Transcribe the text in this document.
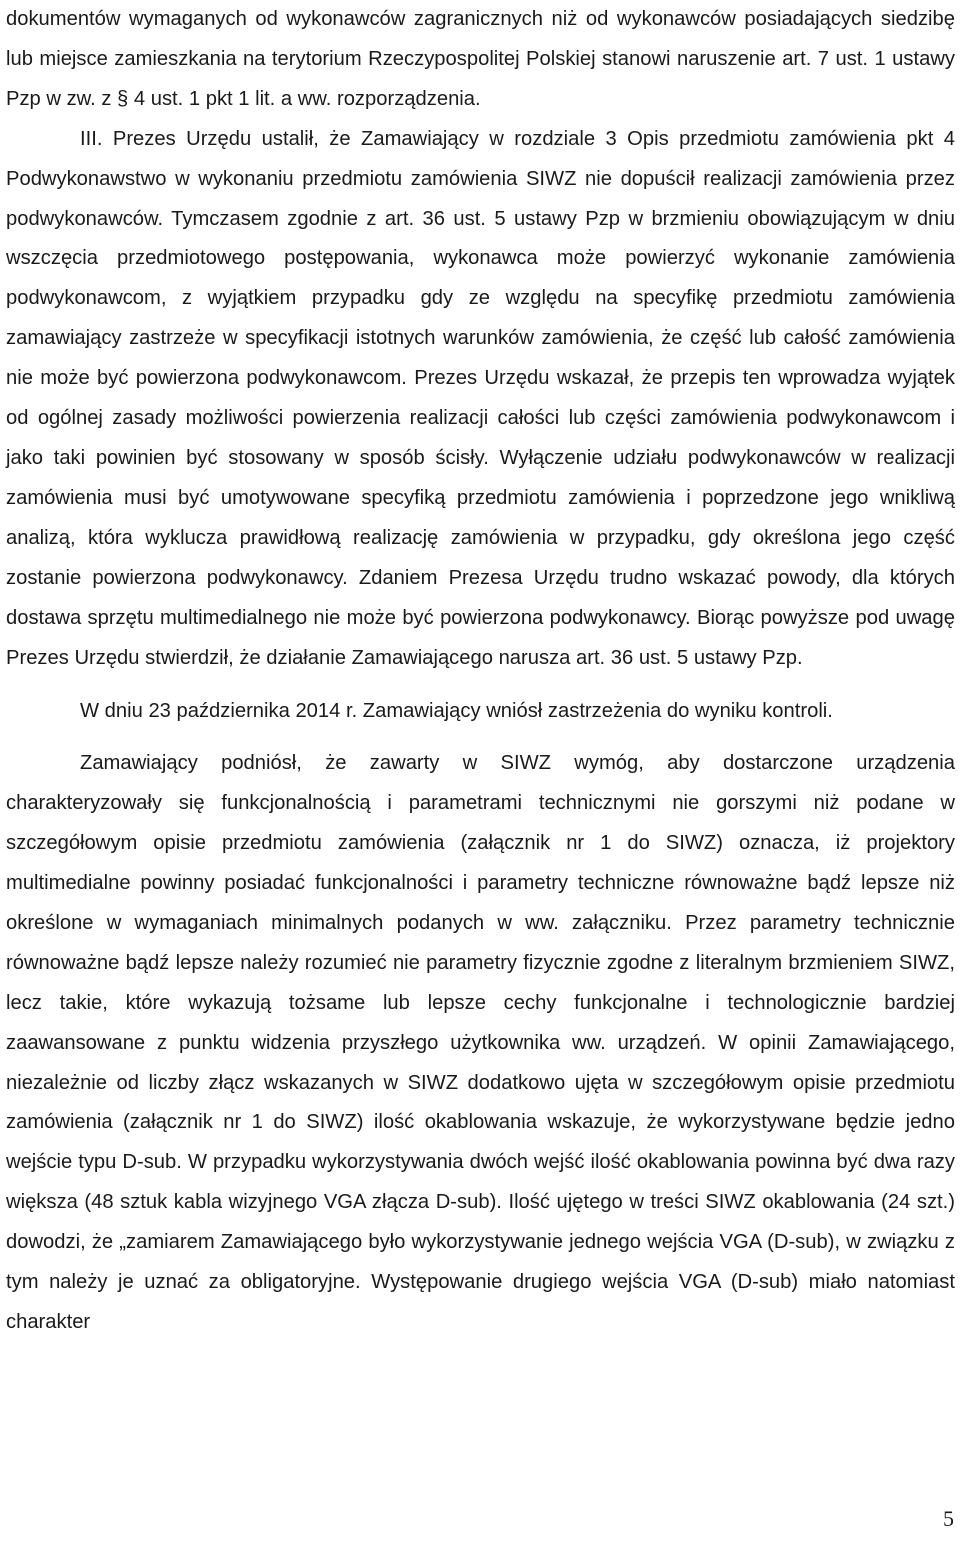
dokumentów wymaganych od wykonawców zagranicznych niż od wykonawców posiadających siedzibę lub miejsce zamieszkania na terytorium Rzeczypospolitej Polskiej stanowi naruszenie art. 7 ust. 1 ustawy Pzp w zw. z § 4 ust. 1 pkt 1 lit. a ww. rozporządzenia.

III. Prezes Urzędu ustalił, że Zamawiający w rozdziale 3 Opis przedmiotu zamówienia pkt 4 Podwykonawstwo w wykonaniu przedmiotu zamówienia SIWZ nie dopuścił realizacji zamówienia przez podwykonawców. Tymczasem zgodnie z art. 36 ust. 5 ustawy Pzp w brzmieniu obowiązującym w dniu wszczęcia przedmiotowego postępowania, wykonawca może powierzyć wykonanie zamówienia podwykonawcom, z wyjątkiem przypadku gdy ze względu na specyfikę przedmiotu zamówienia zamawiający zastrzeże w specyfikacji istotnych warunków zamówienia, że część lub całość zamówienia nie może być powierzona podwykonawcom. Prezes Urzędu wskazał, że przepis ten wprowadza wyjątek od ogólnej zasady możliwości powierzenia realizacji całości lub części zamówienia podwykonawcom i jako taki powinien być stosowany w sposób ścisły. Wyłączenie udziału podwykonawców w realizacji zamówienia musi być umotywowane specyfiką przedmiotu zamówienia i poprzedzone jego wnikliwą analizą, która wyklucza prawidłową realizację zamówienia w przypadku, gdy określona jego część zostanie powierzona podwykonawcy. Zdaniem Prezesa Urzędu trudno wskazać powody, dla których dostawa sprzętu multimedialnego nie może być powierzona podwykonawcy. Biorąc powyższe pod uwagę Prezes Urzędu stwierdził, że działanie Zamawiającego narusza art. 36 ust. 5 ustawy Pzp.

W dniu 23 października 2014 r. Zamawiający wniósł zastrzeżenia do wyniku kontroli.

Zamawiający podniósł, że zawarty w SIWZ wymóg, aby dostarczone urządzenia charakteryzowały się funkcjonalnością i parametrami technicznymi nie gorszymi niż podane w szczegółowym opisie przedmiotu zamówienia (załącznik nr 1 do SIWZ) oznacza, iż projektory multimedialne powinny posiadać funkcjonalności i parametry techniczne równoważne bądź lepsze niż określone w wymaganiach minimalnych podanych w ww. załączniku. Przez parametry technicznie równoważne bądź lepsze należy rozumieć nie parametry fizycznie zgodne z literalnym brzmieniem SIWZ, lecz takie, które wykazują tożsame lub lepsze cechy funkcjonalne i technologicznie bardziej zaawansowane z punktu widzenia przyszłego użytkownika ww. urządzeń. W opinii Zamawiającego, niezależnie od liczby złącz wskazanych w SIWZ dodatkowo ujęta w szczegółowym opisie przedmiotu zamówienia (załącznik nr 1 do SIWZ) ilość okablowania wskazuje, że wykorzystywane będzie jedno wejście typu D-sub. W przypadku wykorzystywania dwóch wejść ilość okablowania powinna być dwa razy większa (48 sztuk kabla wizyjnego VGA złącza D-sub). Ilość ujętego w treści SIWZ okablowania (24 szt.) dowodzi, że „zamiarem Zamawiającego było wykorzystywanie jednego wejścia VGA (D-sub), w związku z tym należy je uznać za obligatoryjne. Występowanie drugiego wejścia VGA (D-sub) miało natomiast charakter

5
